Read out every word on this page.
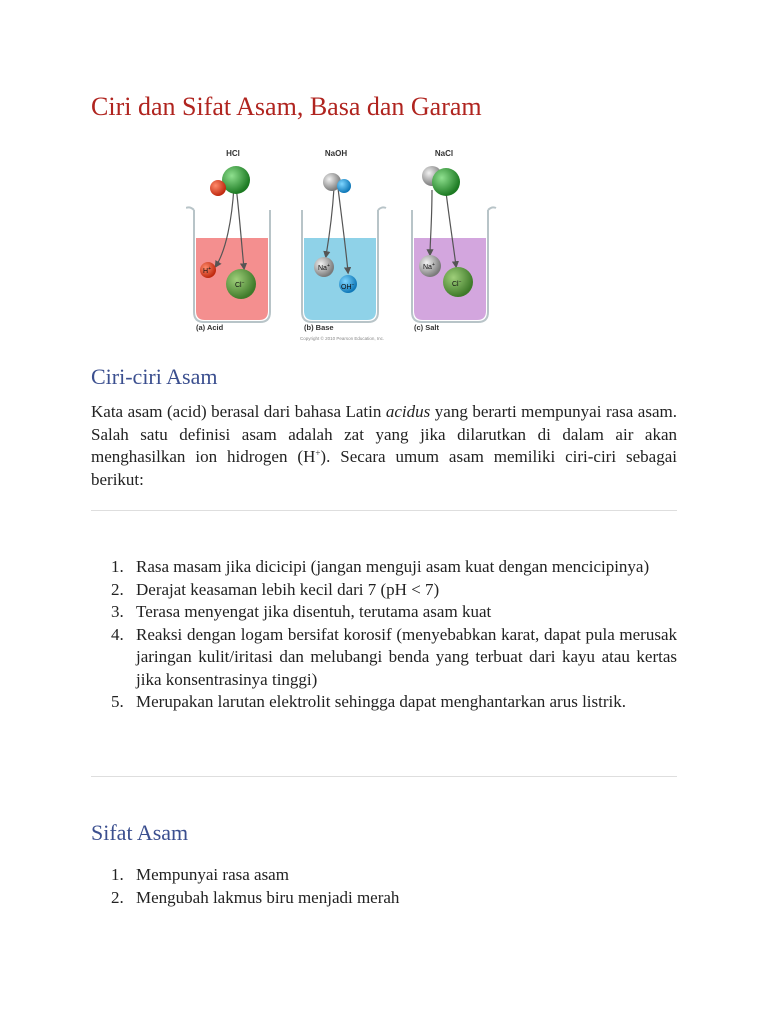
Ciri dan Sifat Asam, Basa dan Garam
HCl
H+
Cl−
(a) Acid
NaOH
Na+
OH−
(b) Base
NaCl
Na+
Cl−
(c) Salt
Copyright © 2010 Pearson Education, Inc.
Ciri-ciri Asam

Kata asam (acid) berasal dari bahasa Latin acidus yang berarti mempunyai rasa asam. Salah satu definisi asam adalah zat yang jika dilarutkan di dalam air akan menghasilkan ion hidrogen (H+). Secara umum asam memiliki ciri-ciri sebagai berikut:

1. Rasa masam jika dicicipi (jangan menguji asam kuat dengan mencicipinya)
2. Derajat keasaman lebih kecil dari 7 (pH < 7)
3. Terasa menyengat jika disentuh, terutama asam kuat
4. Reaksi dengan logam bersifat korosif (menyebabkan karat, dapat pula merusak jaringan kulit/iritasi dan melubangi benda yang terbuat dari kayu atau kertas jika konsentrasinya tinggi)
5. Merupakan larutan elektrolit sehingga dapat menghantarkan arus listrik.
Sifat Asam
1. Mempunyai rasa asam
2. Mengubah lakmus biru menjadi merah
